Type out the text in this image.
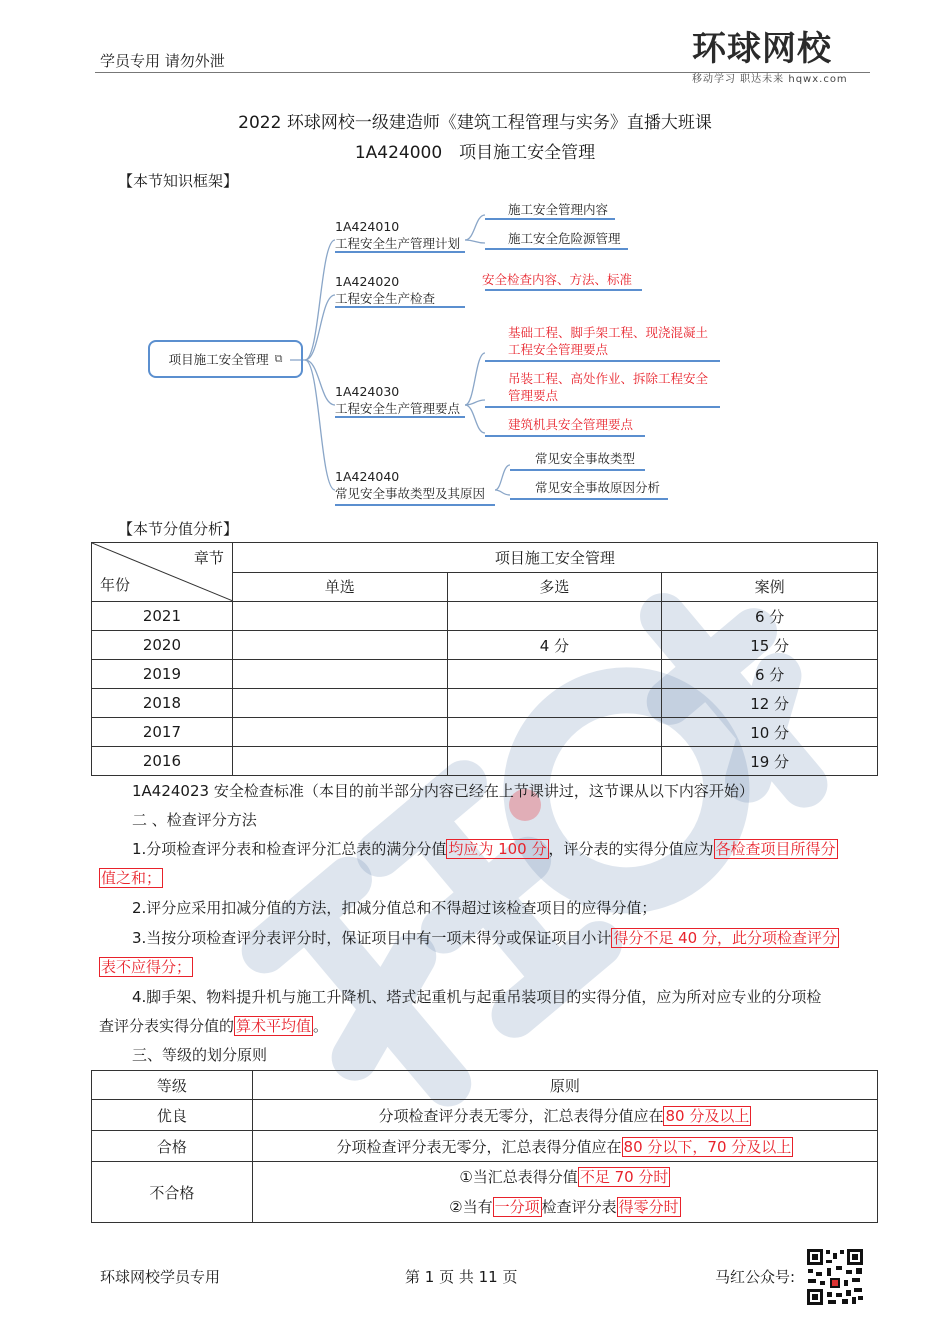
学员专用 请勿外泄	环球网校
移动学习 职达未来 hqwx.com
2022 环球网校一级建造师《建筑工程管理与实务》直播大班课
1A424000　项目施工安全管理
【本节知识框架】
项目施工安全管理 ⧉
1A424010
工程安全生产管理计划
1A424020
工程安全生产检查
1A424030
工程安全生产管理要点
1A424040
常见安全事故类型及其原因
施工安全管理内容
施工安全危险源管理
安全检查内容、方法、标准
基础工程、脚手架工程、现浇混凝土工程安全管理要点
吊装工程、高处作业、拆除工程安全管理要点
建筑机具安全管理要点
常见安全事故类型
常见安全事故原因分析
【本节分值分析】
章节
年份	项目施工安全管理		
	单选	多选	案例
2021			6 分
2020		4 分	15 分
2019			6 分
2018			12 分
2017			10 分
2016			19 分
1A424023 安全检查标准（本目的前半部分内容已经在上节课讲过，这节课从以下内容开始）
二 、检查评分方法
1.分项检查评分表和检查评分汇总表的满分分值 均应为 100 分 ，评分表的实得分值应为 各检查项目所得分
值之和；
2.评分应采用扣减分值的方法，扣减分值总和不得超过该检查项目的应得分值；
3.当按分项检查评分表评分时，保证项目中有一项未得分或保证项目小计 得分不足 40 分，此分项检查评分
表不应得分；
4.脚手架、物料提升机与施工升降机、塔式起重机与起重吊装项目的实得分值，应为所对应专业的分项检
查评分表实得分值的 算术平均值 。
三、等级的划分原则
等级	原则
优良	分项检查评分表无零分，汇总表得分值应在 80 分及以上
合格	分项检查评分表无零分，汇总表得分值应在 80 分以下，70 分及以上
不合格	①当汇总表得分值 不足 70 分时
②当有 一分项 检查评分表 得零分时
环球网校学员专用	第 1 页 共 11 页	马红公众号:
